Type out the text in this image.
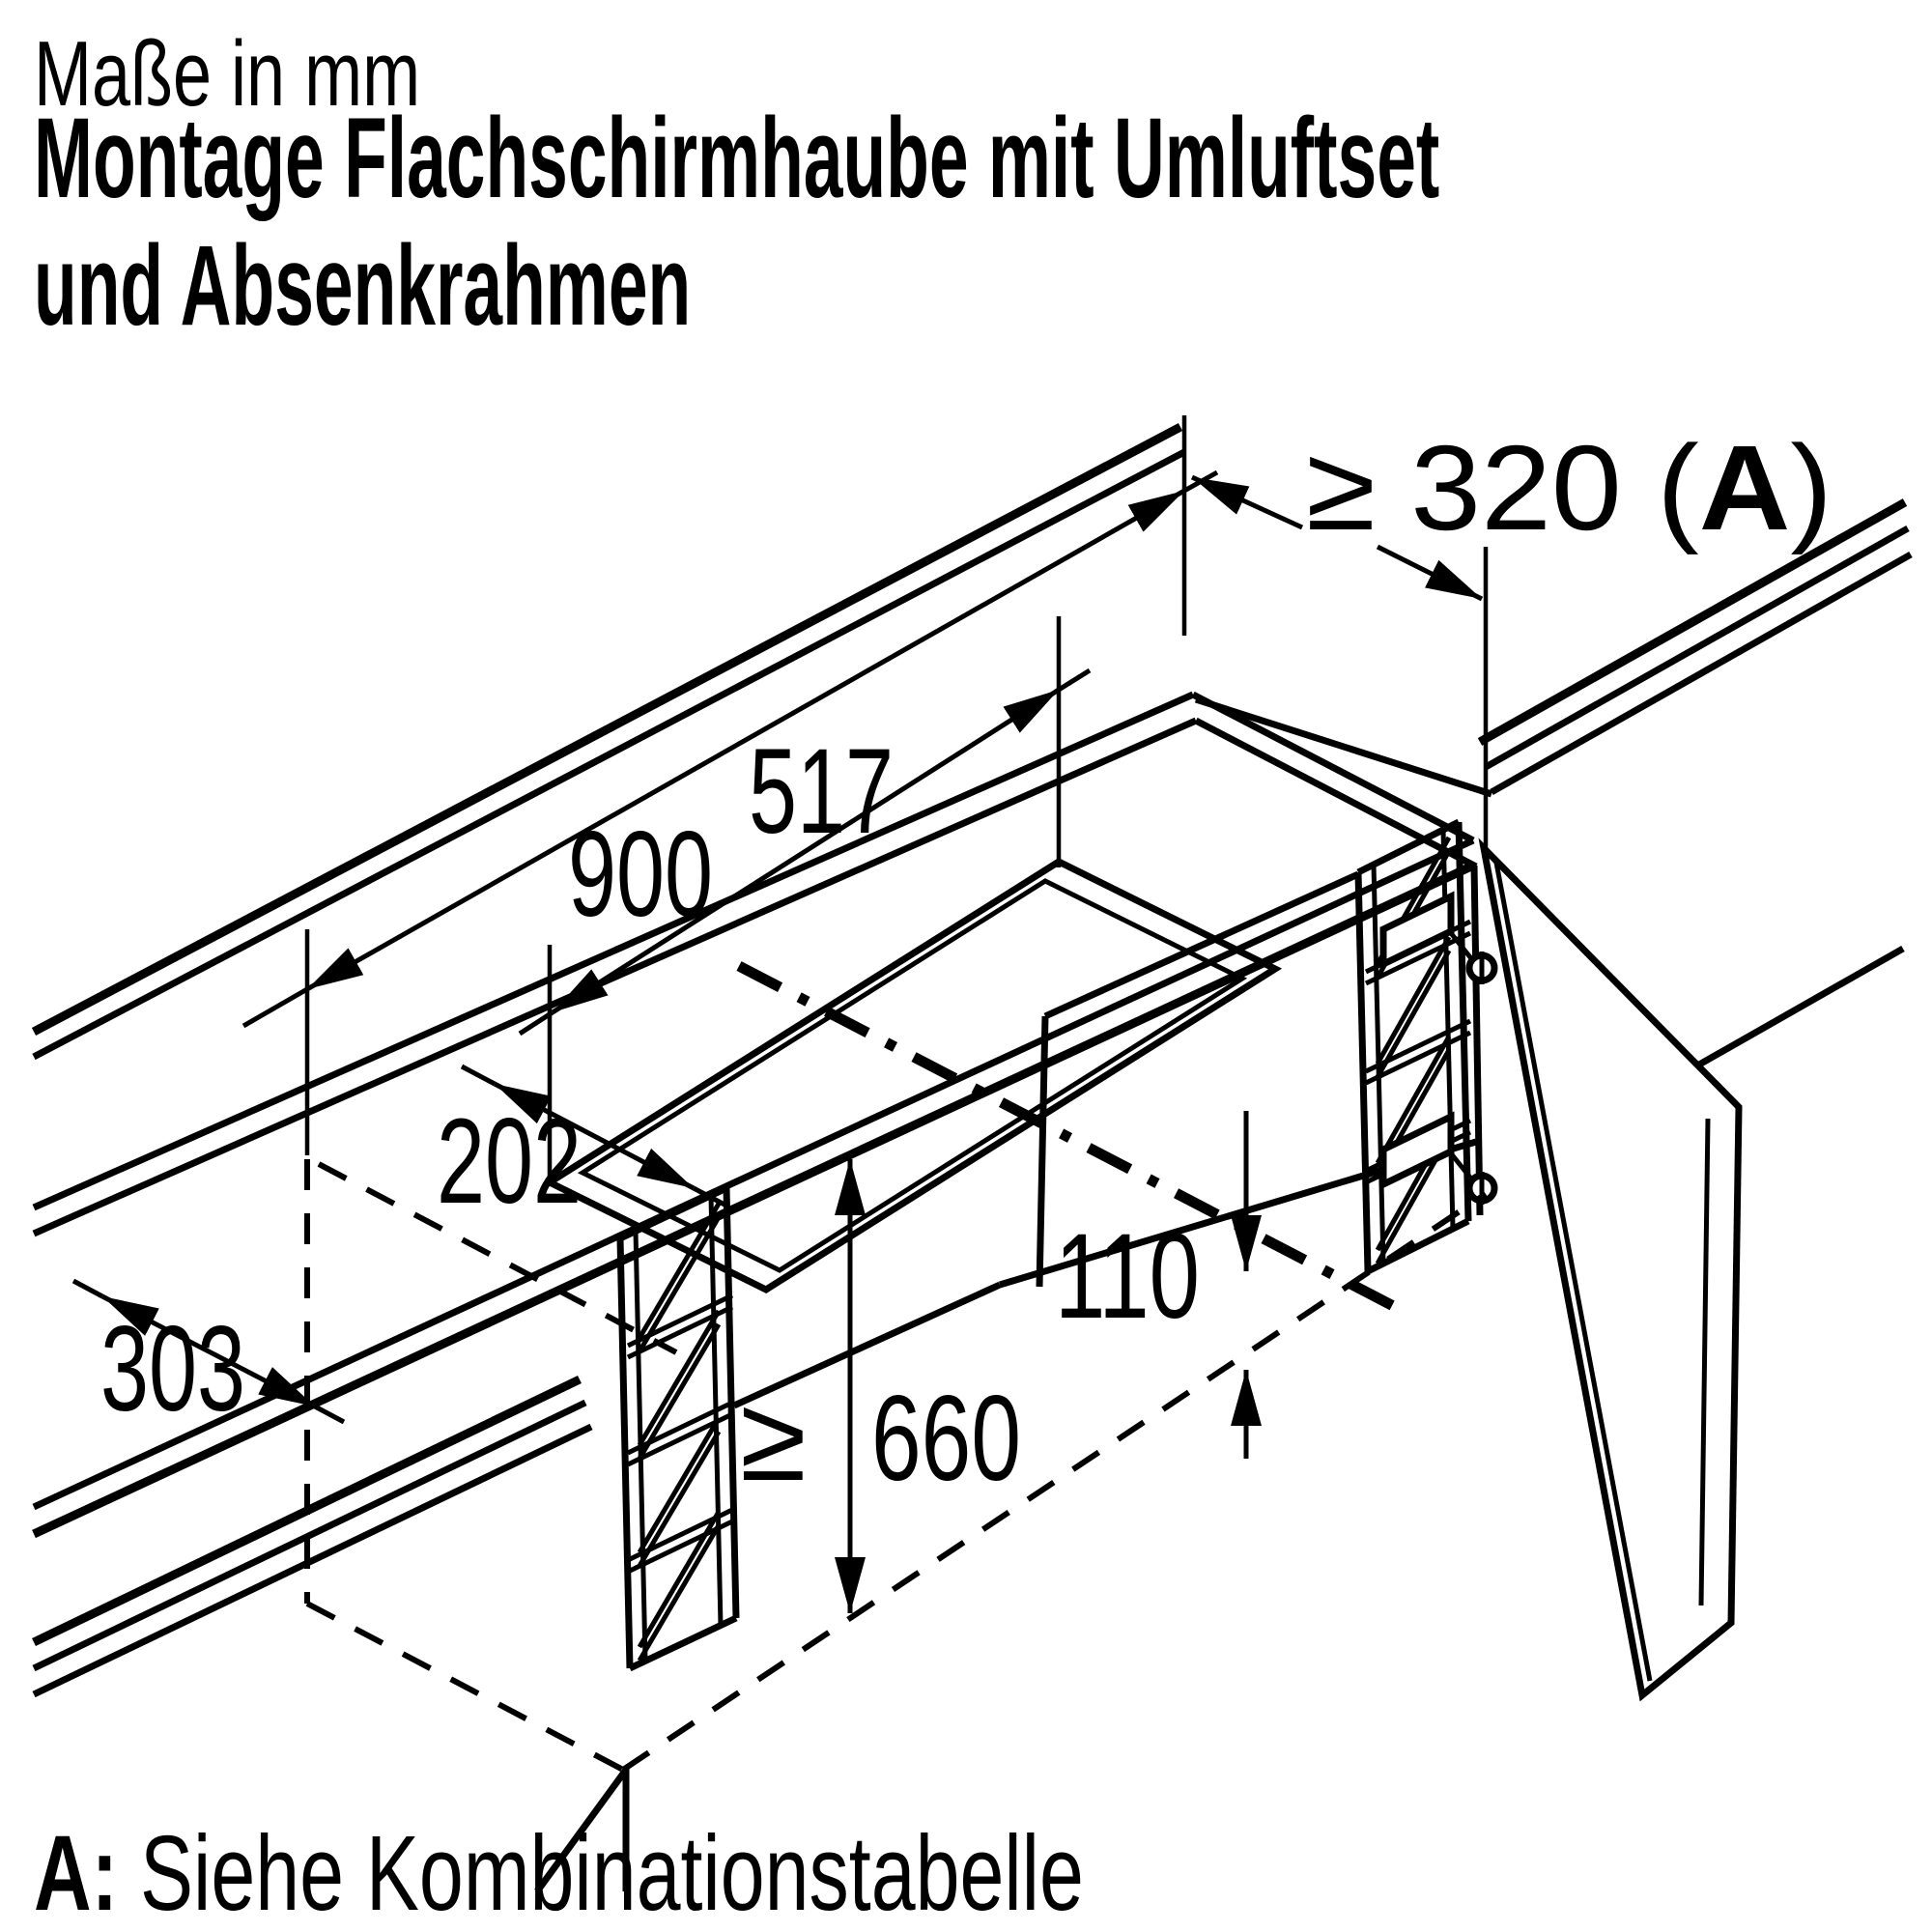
Maße in mm
Montage Flachschirmhaube mit Umluftset
und Absenkrahmen
900
517
≥ 320 ( A)
202
303
≥ 660
110
A: Siehe Kombinationstabelle
